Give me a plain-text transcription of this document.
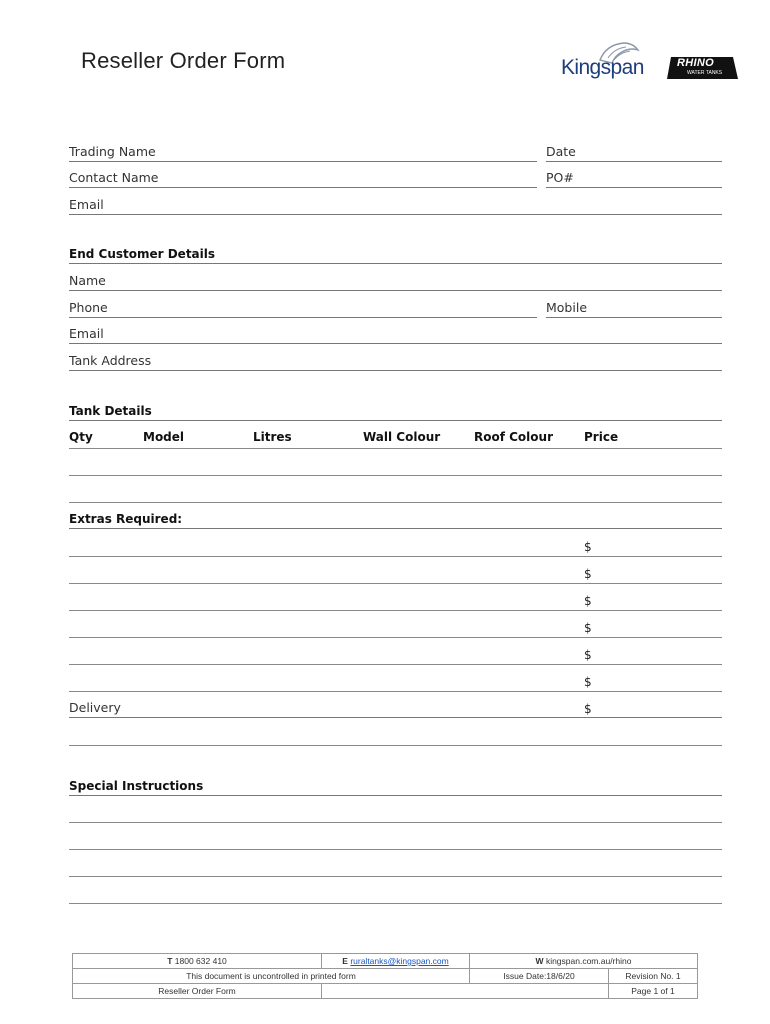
Reseller Order Form	Kingspan	RHINO
WATER TANKS
Trading Name	Date
Contact Name	PO#
Email
End Customer Details
Name
Phone	Mobile
Email
Tank Address
Tank Details
Qty	Model	Litres	Wall Colour	Roof Colour	Price
Extras Required:
$
$
$
$
$
$
Delivery	$
Special Instructions
T 1800 632 410	E ruraltanks@kingspan.com	W kingspan.com.au/rhino	
This document is uncontrolled in printed form		Issue Date:18/6/20	Revision No. 1
Reseller Order Form			Page 1 of 1
